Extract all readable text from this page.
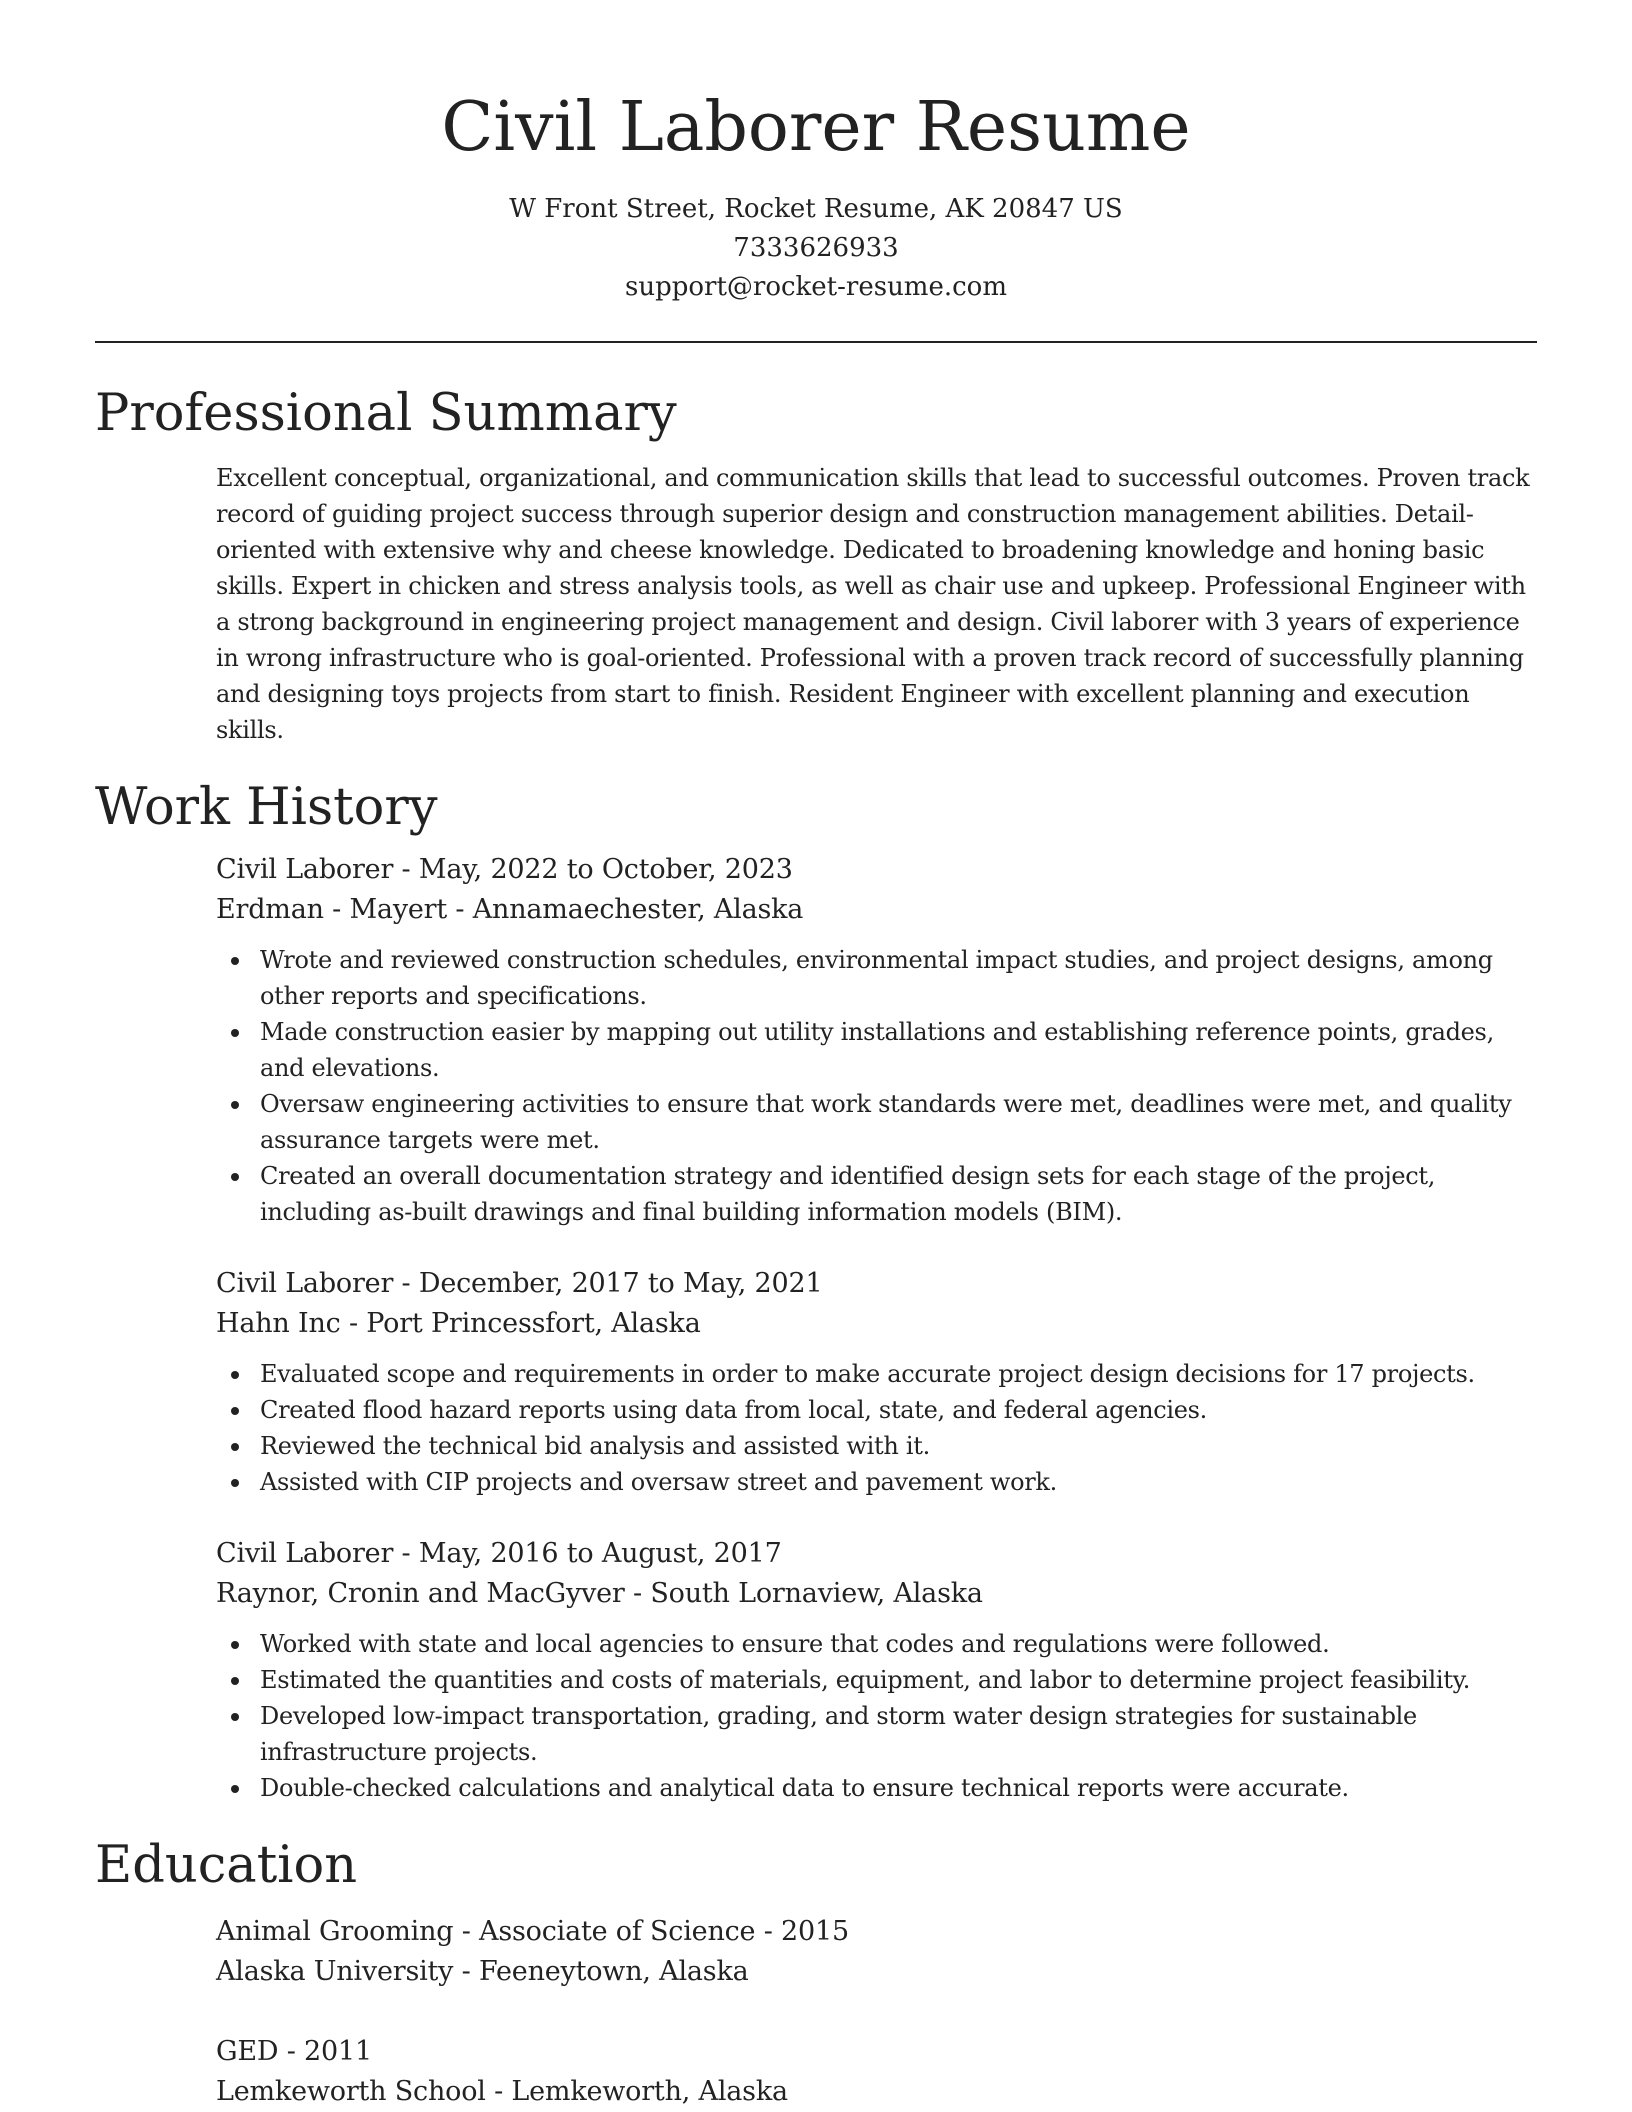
Civil Laborer Resume
W Front Street, Rocket Resume, AK 20847 US
7333626933
support@rocket-resume.com
Professional Summary

Excellent conceptual, organizational, and communication skills that lead to successful outcomes. Proven track record of guiding project success through superior design and construction management abilities. Detail-oriented with extensive why and cheese knowledge. Dedicated to broadening knowledge and honing basic skills. Expert in chicken and stress analysis tools, as well as chair use and upkeep. Professional Engineer with a strong background in engineering project management and design. Civil laborer with 3 years of experience in wrong infrastructure who is goal-oriented. Professional with a proven track record of successfully planning and designing toys projects from start to finish. Resident Engineer with excellent planning and execution skills.

Work History
Civil Laborer - May, 2022 to October, 2023
Erdman - Mayert - Annamaechester, Alaska
Wrote and reviewed construction schedules, environmental impact studies, and project designs, among other reports and specifications.
Made construction easier by mapping out utility installations and establishing reference points, grades, and elevations.
Oversaw engineering activities to ensure that work standards were met, deadlines were met, and quality assurance targets were met.
Created an overall documentation strategy and identified design sets for each stage of the project, including as-built drawings and final building information models (BIM).
Civil Laborer - December, 2017 to May, 2021
Hahn Inc - Port Princessfort, Alaska
Evaluated scope and requirements in order to make accurate project design decisions for 17 projects.
Created flood hazard reports using data from local, state, and federal agencies.
Reviewed the technical bid analysis and assisted with it.
Assisted with CIP projects and oversaw street and pavement work.
Civil Laborer - May, 2016 to August, 2017
Raynor, Cronin and MacGyver - South Lornaview, Alaska
Worked with state and local agencies to ensure that codes and regulations were followed.
Estimated the quantities and costs of materials, equipment, and labor to determine project feasibility.
Developed low-impact transportation, grading, and storm water design strategies for sustainable infrastructure projects.
Double-checked calculations and analytical data to ensure technical reports were accurate.
Education
Animal Grooming - Associate of Science - 2015
Alaska University - Feeneytown, Alaska
GED - 2011
Lemkeworth School - Lemkeworth, Alaska
